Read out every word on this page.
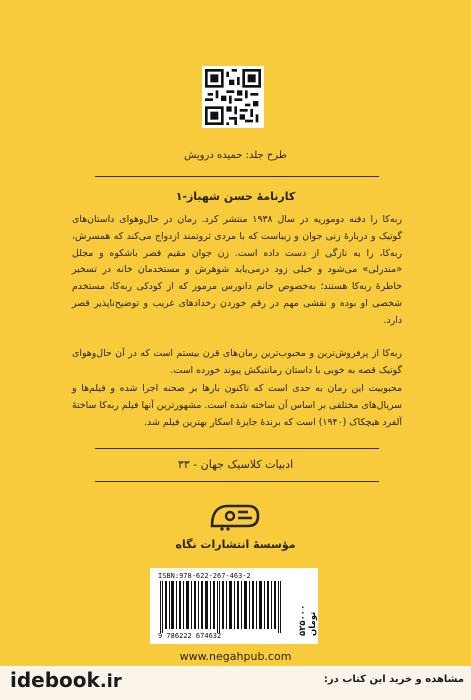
طرح جلد: حمیده درویش
کارنامهٔ حسن شهباز-۱
ربه‌کا را دفنه دوموریه در سال ۱۹۳۸ منتشر کرد. رمان در حال‌وهوای داستان‌های گوتیک و دربارهٔ زنی جوان و زیباست که با مردی ثروتمند ازدواج می‌کند که همسرش، ربه‌کا، را به تازگی از دست داده است. زن جوان مقیم قصر باشکوه و مجلل «مندرلی» می‌شود و خیلی زود درمی‌یابد شوهرش و مستخدمان خانه در تسخیر خاطرهٔ ربه‌کا هستند؛ به‌خصوص خانم دانورس مرموز که از کودکی ربه‌کا، مستخدم شخصی او بوده و نقشی مهم در رقم خوردن رخدادهای غریب و توضیح‌ناپذیر قصر دارد.
ربه‌کا از پرفروش‌ترین و محبوب‌ترین رمان‌های قرن بیستم است که در آن حال‌وهوای گوتیک قصه به خوبی با داستان رمانتیکش پیوند خورده است.
محبوبیت این رمان به حدی است که تاکنون بارها بر صحنه اجرا شده و فیلم‌ها و سریال‌های مختلفی بر اساس آن ساخته شده است. مشهورترین آنها فیلم ربه‌کا ساختهٔ آلفرد هیچکاک (۱۹۴۰) است که برندهٔ جایزهٔ اسکار بهترین فیلم شد.
ادبیات کلاسیک جهان - ۳۳
مؤسسهٔ انتشارات نگاه
ISBN:978-622-267-463-2
9 786222 674632	۵۲۵۰۰۰ تومان
www.negahpub.com
idebook.ir	مشاهده و خرید این کتاب در:
